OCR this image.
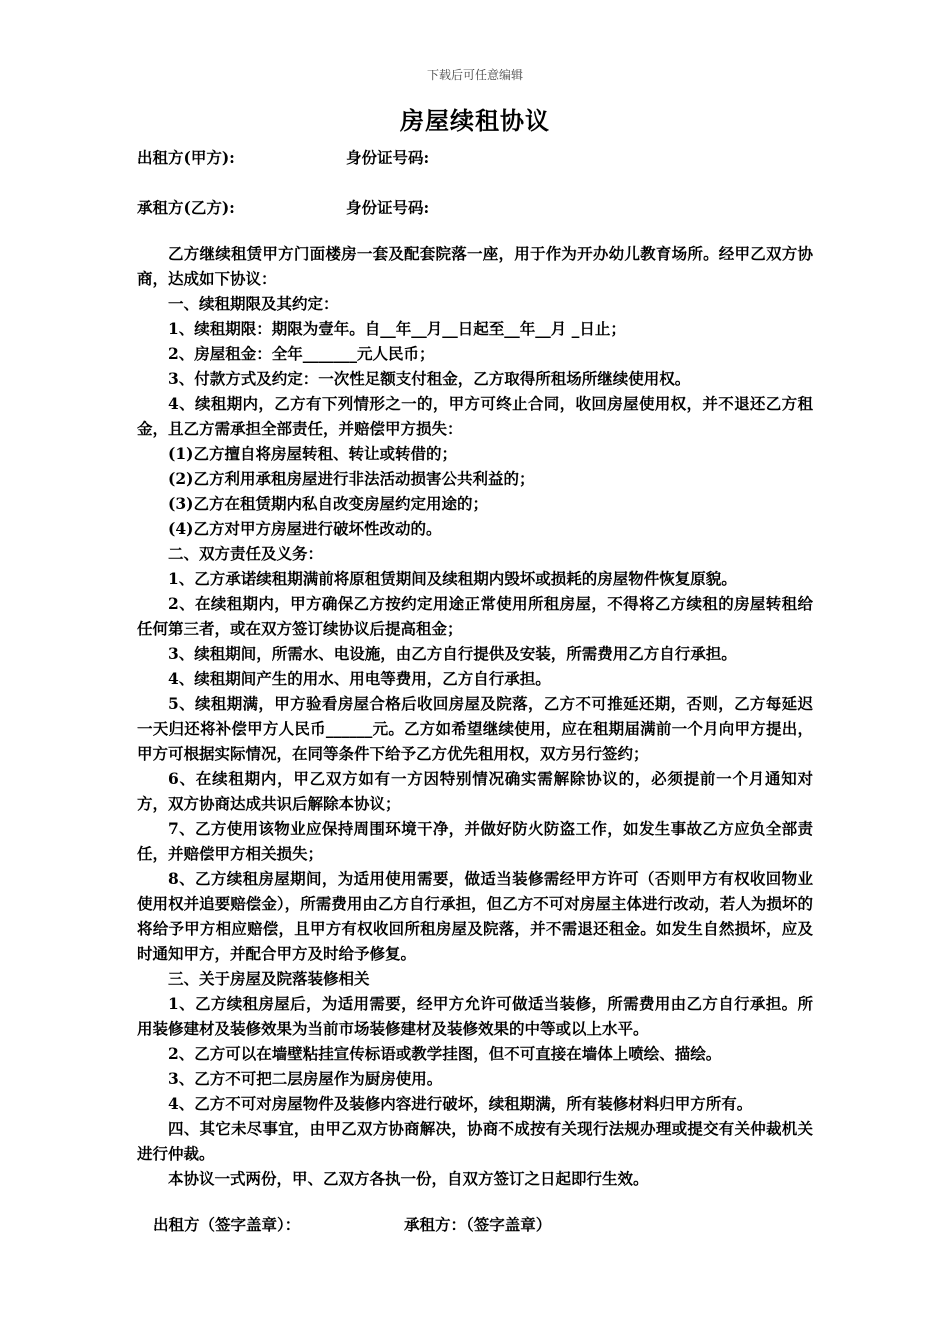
下载后可任意编辑
房屋续租协议
出租方(甲方):	身份证号码:
承租方(乙方):	身份证号码:

乙方继续租赁甲方门面楼房一套及配套院落一座，用于作为开办幼儿教育场所。经甲乙双方协商，达成如下协议：

一、续租期限及其约定：

1、续租期限：期限为壹年。自__年__月__日起至__年__月 _日止；

2、房屋租金：全年_______元人民币；

3、付款方式及约定：一次性足额支付租金，乙方取得所租场所继续使用权。

4、续租期内，乙方有下列情形之一的，甲方可终止合同，收回房屋使用权，并不退还乙方租金，且乙方需承担全部责任，并赔偿甲方损失：

(1)乙方擅自将房屋转租、转让或转借的；

(2)乙方利用承租房屋进行非法活动损害公共利益的；

(3)乙方在租赁期内私自改变房屋约定用途的；

(4)乙方对甲方房屋进行破坏性改动的。

二、双方责任及义务：

1、乙方承诺续租期满前将原租赁期间及续租期内毁坏或损耗的房屋物件恢复原貌。

2、在续租期内，甲方确保乙方按约定用途正常使用所租房屋，不得将乙方续租的房屋转租给任何第三者，或在双方签订续协议后提高租金；

3、续租期间，所需水、电设施，由乙方自行提供及安装，所需费用乙方自行承担。

4、续租期间产生的用水、用电等费用，乙方自行承担。

5、续租期满，甲方验看房屋合格后收回房屋及院落，乙方不可推延还期，否则，乙方每延迟一天归还将补偿甲方人民币______元。乙方如希望继续使用，应在租期届满前一个月向甲方提出，甲方可根据实际情况，在同等条件下给予乙方优先租用权，双方另行签约；

6、在续租期内，甲乙双方如有一方因特别情况确实需解除协议的，必须提前一个月通知对方，双方协商达成共识后解除本协议；

7、乙方使用该物业应保持周围环境干净，并做好防火防盗工作，如发生事故乙方应负全部责任，并赔偿甲方相关损失；

8、乙方续租房屋期间，为适用使用需要，做适当装修需经甲方许可（否则甲方有权收回物业使用权并追要赔偿金），所需费用由乙方自行承担，但乙方不可对房屋主体进行改动，若人为损坏的将给予甲方相应赔偿，且甲方有权收回所租房屋及院落，并不需退还租金。如发生自然损坏，应及时通知甲方，并配合甲方及时给予修复。

三、关于房屋及院落装修相关

1、乙方续租房屋后，为适用需要，经甲方允许可做适当装修，所需费用由乙方自行承担。所用装修建材及装修效果为当前市场装修建材及装修效果的中等或以上水平。

2、乙方可以在墙壁粘挂宣传标语或教学挂图，但不可直接在墙体上喷绘、描绘。

3、乙方不可把二层房屋作为厨房使用。

4、乙方不可对房屋物件及装修内容进行破坏，续租期满，所有装修材料归甲方所有。

四、其它未尽事宜，由甲乙双方协商解决，协商不成按有关现行法规办理或提交有关仲裁机关进行仲裁。

本协议一式两份，甲、乙双方各执一份，自双方签订之日起即行生效。

出租方（签字盖章）：	承租方：（签字盖章）
